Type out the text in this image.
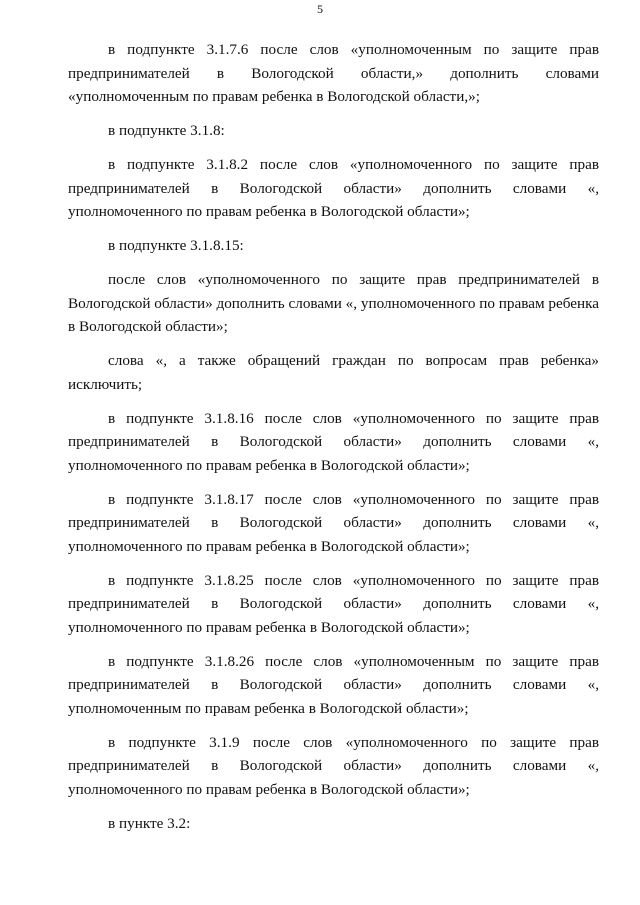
5

в подпункте 3.1.7.6 после слов «уполномоченным по защите прав предпринимателей в Вологодской области,» дополнить словами «уполномоченным по правам ребенка в Вологодской области,»;

в подпункте 3.1.8:

в подпункте 3.1.8.2 после слов «уполномоченного по защите прав предпринимателей в Вологодской области» дополнить словами «, уполномоченного по правам ребенка в Вологодской области»;

в подпункте 3.1.8.15:

после слов «уполномоченного по защите прав предпринимателей в Вологодской области» дополнить словами «, уполномоченного по правам ребенка в Вологодской области»;

слова «, а также обращений граждан по вопросам прав ребенка» исключить;

в подпункте 3.1.8.16 после слов «уполномоченного по защите прав предпринимателей в Вологодской области» дополнить словами «, уполномоченного по правам ребенка в Вологодской области»;

в подпункте 3.1.8.17 после слов «уполномоченного по защите прав предпринимателей в Вологодской области» дополнить словами «, уполномоченного по правам ребенка в Вологодской области»;

в подпункте 3.1.8.25 после слов «уполномоченного по защите прав предпринимателей в Вологодской области» дополнить словами «, уполномоченного по правам ребенка в Вологодской области»;

в подпункте 3.1.8.26 после слов «уполномоченным по защите прав предпринимателей в Вологодской области» дополнить словами «, уполномоченным по правам ребенка в Вологодской области»;

в подпункте 3.1.9 после слов «уполномоченного по защите прав предпринимателей в Вологодской области» дополнить словами «, уполномоченного по правам ребенка в Вологодской области»;

в пункте 3.2:
